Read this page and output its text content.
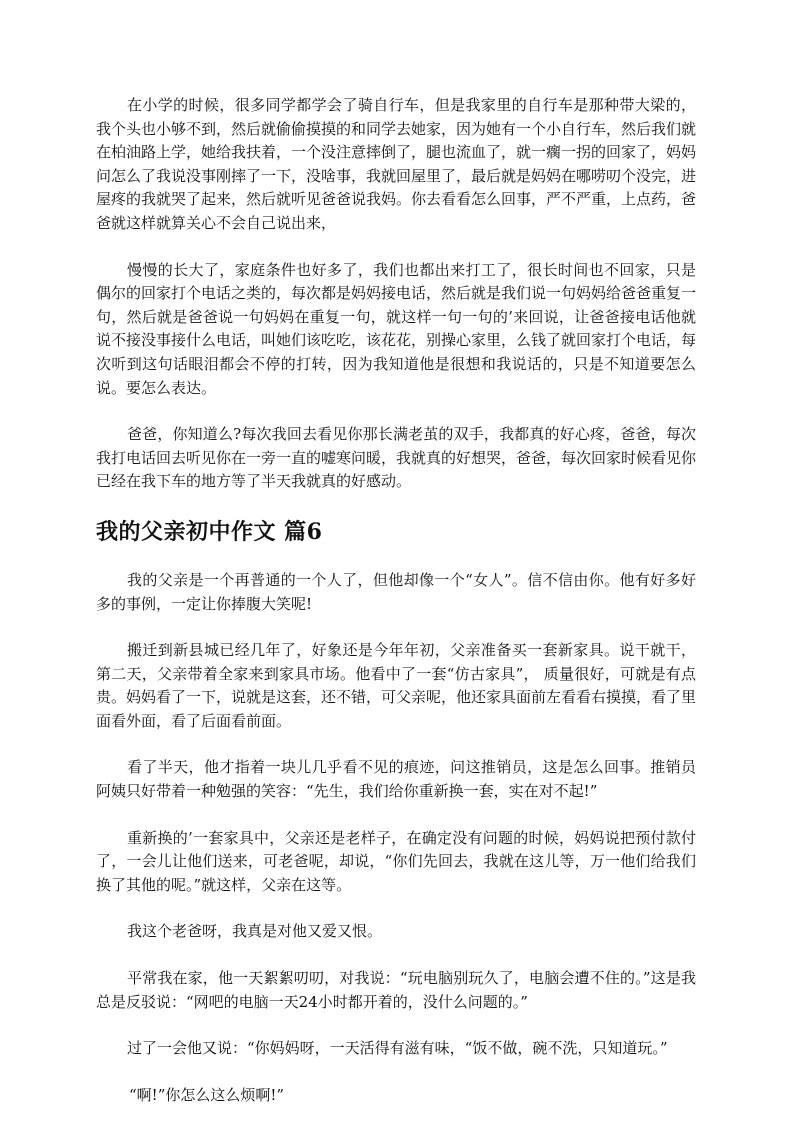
在小学的时候，很多同学都学会了骑自行车，但是我家里的自行车是那种带大梁的，我个头也小够不到，然后就偷偷摸摸的和同学去她家，因为她有一个小自行车，然后我们就在柏油路上学，她给我扶着，一个没注意摔倒了，腿也流血了，就一瘸一拐的回家了，妈妈问怎么了我说没事刚摔了一下，没啥事，我就回屋里了，最后就是妈妈在哪唠叨个没完，进屋疼的我就哭了起来，然后就听见爸爸说我妈。你去看看怎么回事，严不严重，上点药，爸爸就这样就算关心不会自己说出来，

慢慢的长大了，家庭条件也好多了，我们也都出来打工了，很长时间也不回家，只是偶尔的回家打个电话之类的，每次都是妈妈接电话，然后就是我们说一句妈妈给爸爸重复一句，然后就是爸爸说一句妈妈在重复一句，就这样一句一句的’来回说，让爸爸接电话他就说不接没事接什么电话，叫她们该吃吃，该花花，别操心家里，么钱了就回家打个电话，每次听到这句话眼泪都会不停的打转，因为我知道他是很想和我说话的，只是不知道要怎么说。要怎么表达。

爸爸，你知道么?每次我回去看见你那长满老茧的双手，我都真的好心疼，爸爸，每次我打电话回去听见你在一旁一直的嘘寒问暖，我就真的好想哭，爸爸，每次回家时候看见你已经在我下车的地方等了半天我就真的好感动。

我的父亲初中作文 篇6

我的父亲是一个再普通的一个人了，但他却像一个“女人”。信不信由你。他有好多好多的事例，一定让你捧腹大笑呢!

搬迁到新县城已经几年了，好象还是今年年初，父亲准备买一套新家具。说干就干，第二天，父亲带着全家来到家具市场。他看中了一套“仿古家具”， 质量很好，可就是有点贵。妈妈看了一下，说就是这套，还不错，可父亲呢，他还家具面前左看看右摸摸，看了里面看外面，看了后面看前面。

看了半天，他才指着一块儿几乎看不见的痕迹，问这推销员，这是怎么回事。推销员阿姨只好带着一种勉强的笑容：“先生，我们给你重新换一套，实在对不起!”

重新换的’一套家具中，父亲还是老样子，在确定没有问题的时候，妈妈说把预付款付了，一会儿让他们送来，可老爸呢，却说，“你们先回去，我就在这儿等，万一他们给我们换了其他的呢。”就这样，父亲在这等。

我这个老爸呀，我真是对他又爱又恨。

平常我在家，他一天絮絮叨叨，对我说：“玩电脑别玩久了，电脑会遭不住的。”这是我总是反驳说：“网吧的电脑一天24小时都开着的，没什么问题的。”

过了一会他又说：“你妈妈呀，一天活得有滋有味，“饭不做，碗不洗，只知道玩。”

“啊!”你怎么这么烦啊!”
